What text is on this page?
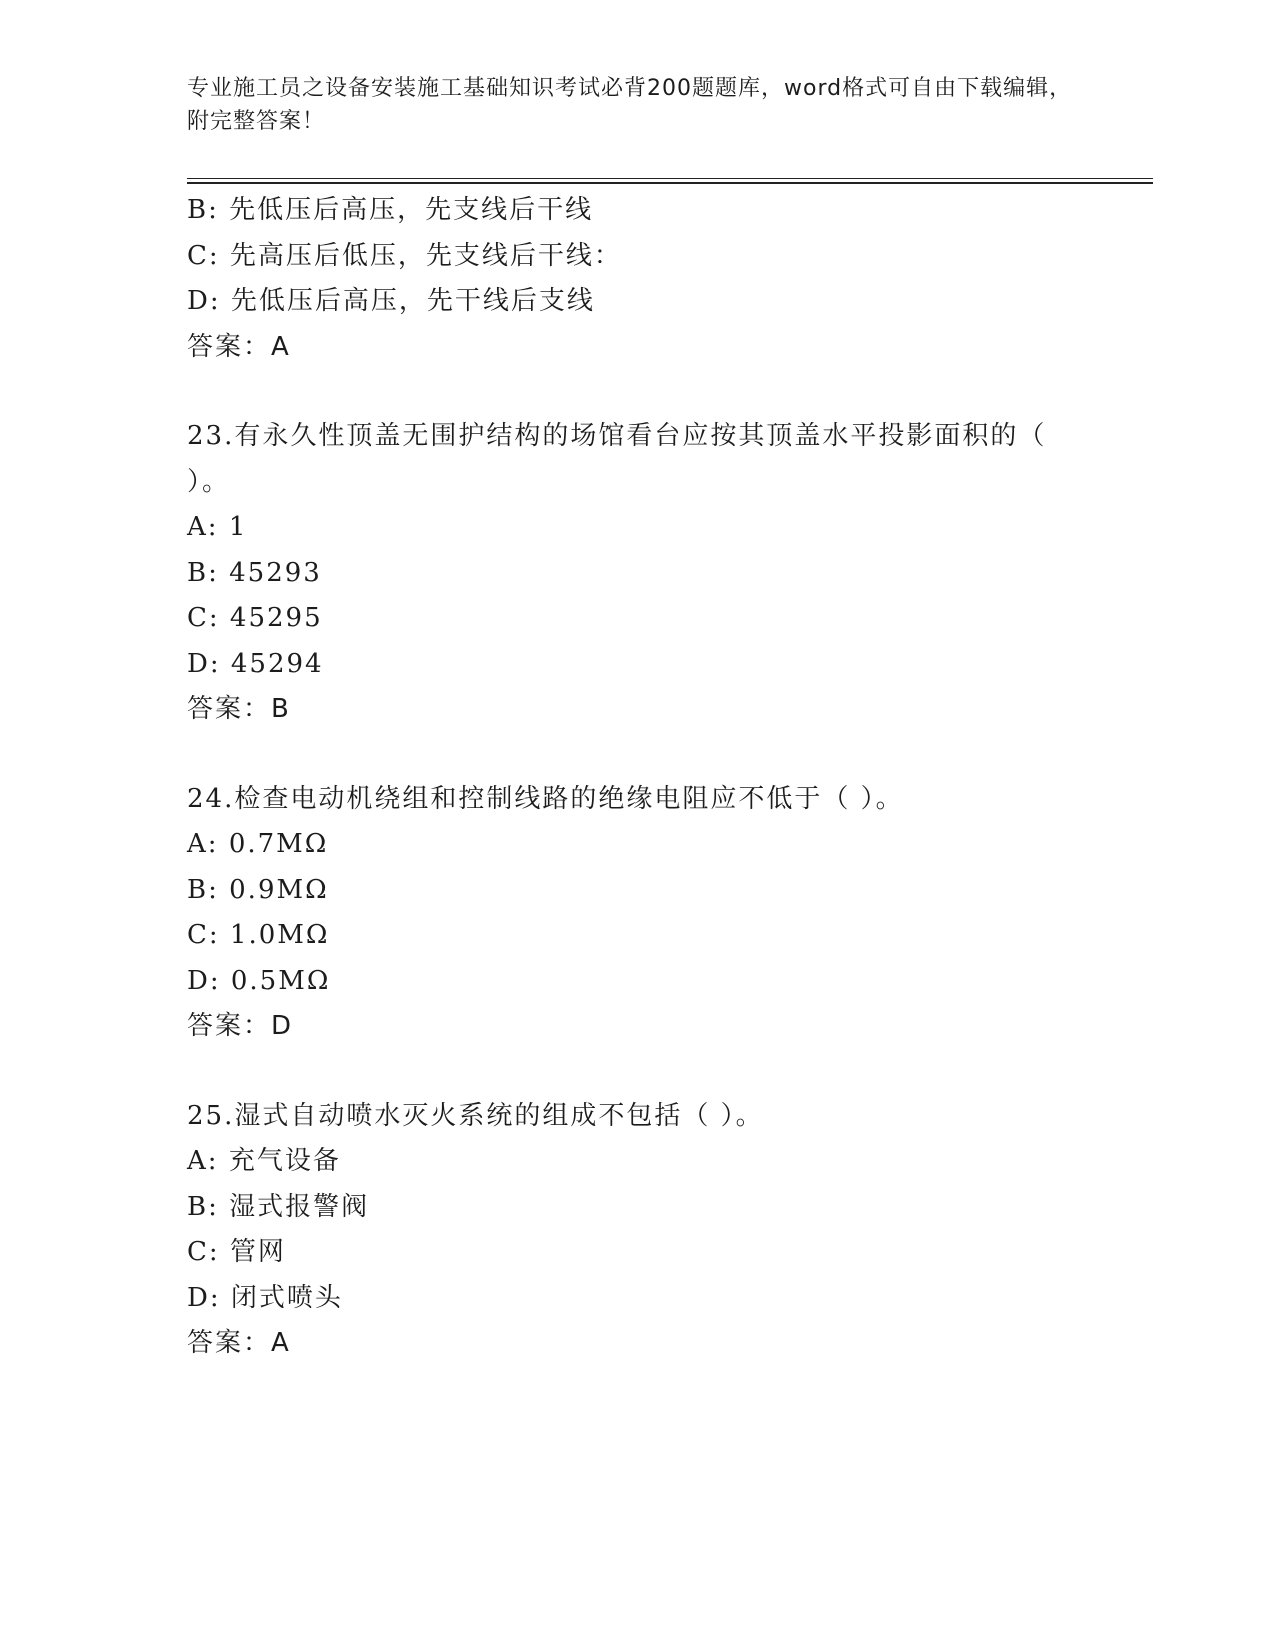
专业施工员之设备安装施工基础知识考试必背200题题库，word格式可自由下载编辑，附完整答案！
B: 先低压后高压，先支线后干线
C: 先高压后低压，先支线后干线：
D: 先低压后高压，先干线后支线
答案：A
23.有永久性顶盖无围护结构的场馆看台应按其顶盖水平投影面积的（ ）。
A: 1
B: 45293
C: 45295
D: 45294
答案：B
24.检查电动机绕组和控制线路的绝缘电阻应不低于（ ）。
A: 0.7MΩ
B: 0.9MΩ
C: 1.0MΩ
D: 0.5MΩ
答案：D
25.湿式自动喷水灭火系统的组成不包括（ ）。
A: 充气设备
B: 湿式报警阀
C: 管网
D: 闭式喷头
答案：A
